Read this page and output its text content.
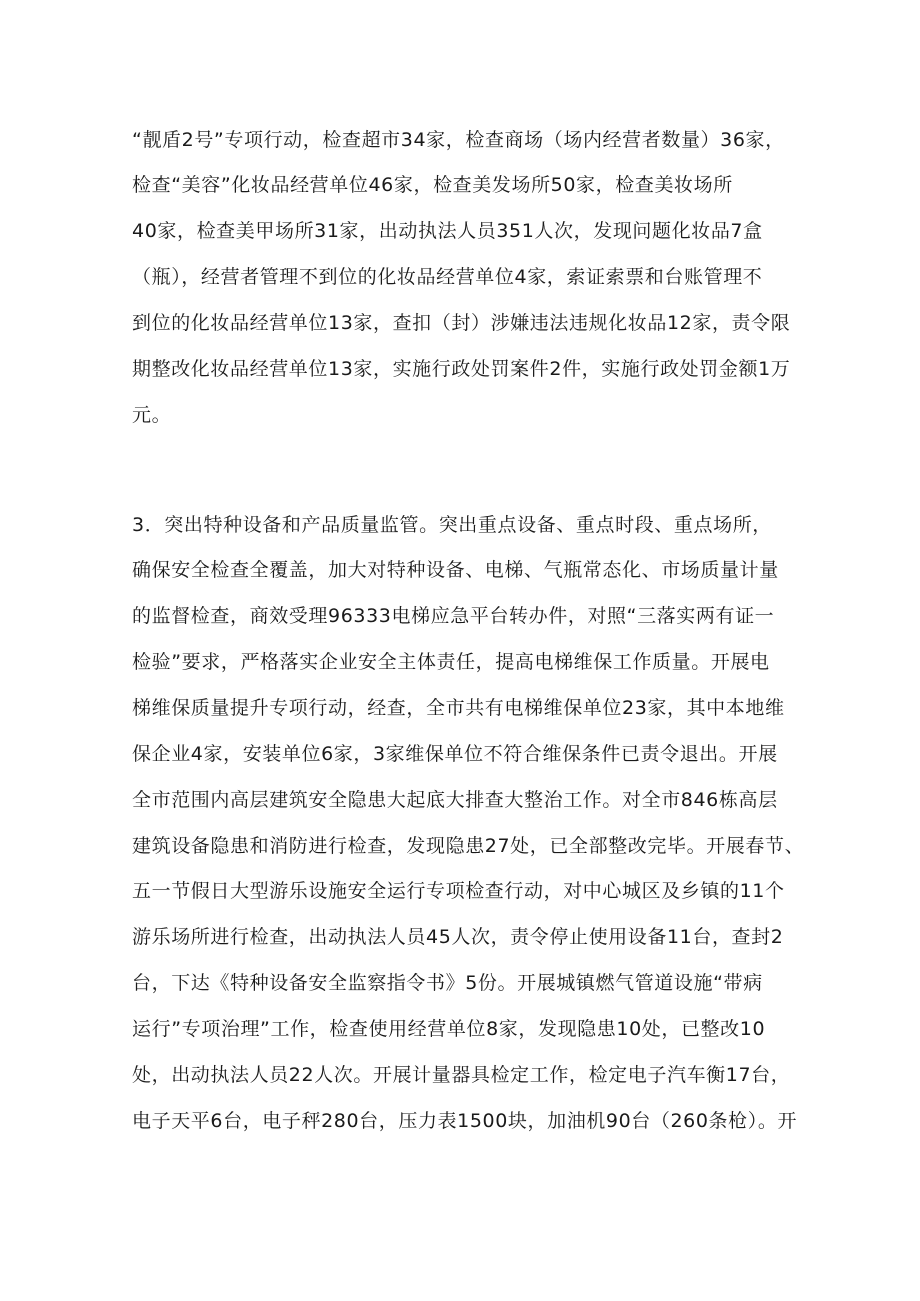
“靓盾2号”专项行动，检查超市34家，检查商场（场内经营者数量）36家，
检查“美容”化妆品经营单位46家，检查美发场所50家，检查美妆场所
40家，检查美甲场所31家，出动执法人员351人次，发现问题化妆品7盒
（瓶），经营者管理不到位的化妆品经营单位4家，索证索票和台账管理不
到位的化妆品经营单位13家，查扣（封）涉嫌违法违规化妆品12家，责令限
期整改化妆品经营单位13家，实施行政处罚案件2件，实施行政处罚金额1万
元。
3．突出特种设备和产品质量监管。突出重点设备、重点时段、重点场所，
确保安全检查全覆盖，加大对特种设备、电梯、气瓶常态化、市场质量计量
的监督检查，商效受理96333电梯应急平台转办件，对照“三落实两有证一
检验”要求，严格落实企业安全主体责任，提高电梯维保工作质量。开展电
梯维保质量提升专项行动，经查，全市共有电梯维保单位23家，其中本地维
保企业4家，安装单位6家，3家维保单位不符合维保条件已责令退出。开展
全市范围内高层建筑安全隐患大起底大排查大整治工作。对全市846栋高层
建筑设备隐患和消防进行检查，发现隐患27处，已全部整改完毕。开展春节、
五一节假日大型游乐设施安全运行专项检查行动，对中心城区及乡镇的11个
游乐场所进行检查，出动执法人员45人次，责令停止使用设备11台，查封2
台，下达《特种设备安全监察指令书》5份。开展城镇燃气管道设施“带病
运行”专项治理”工作，检查使用经营单位8家，发现隐患10处，已整改10
处，出动执法人员22人次。开展计量器具检定工作，检定电子汽车衡17台，
电子天平6台，电子秤280台，压力表1500块，加油机90台（260条枪）。开
